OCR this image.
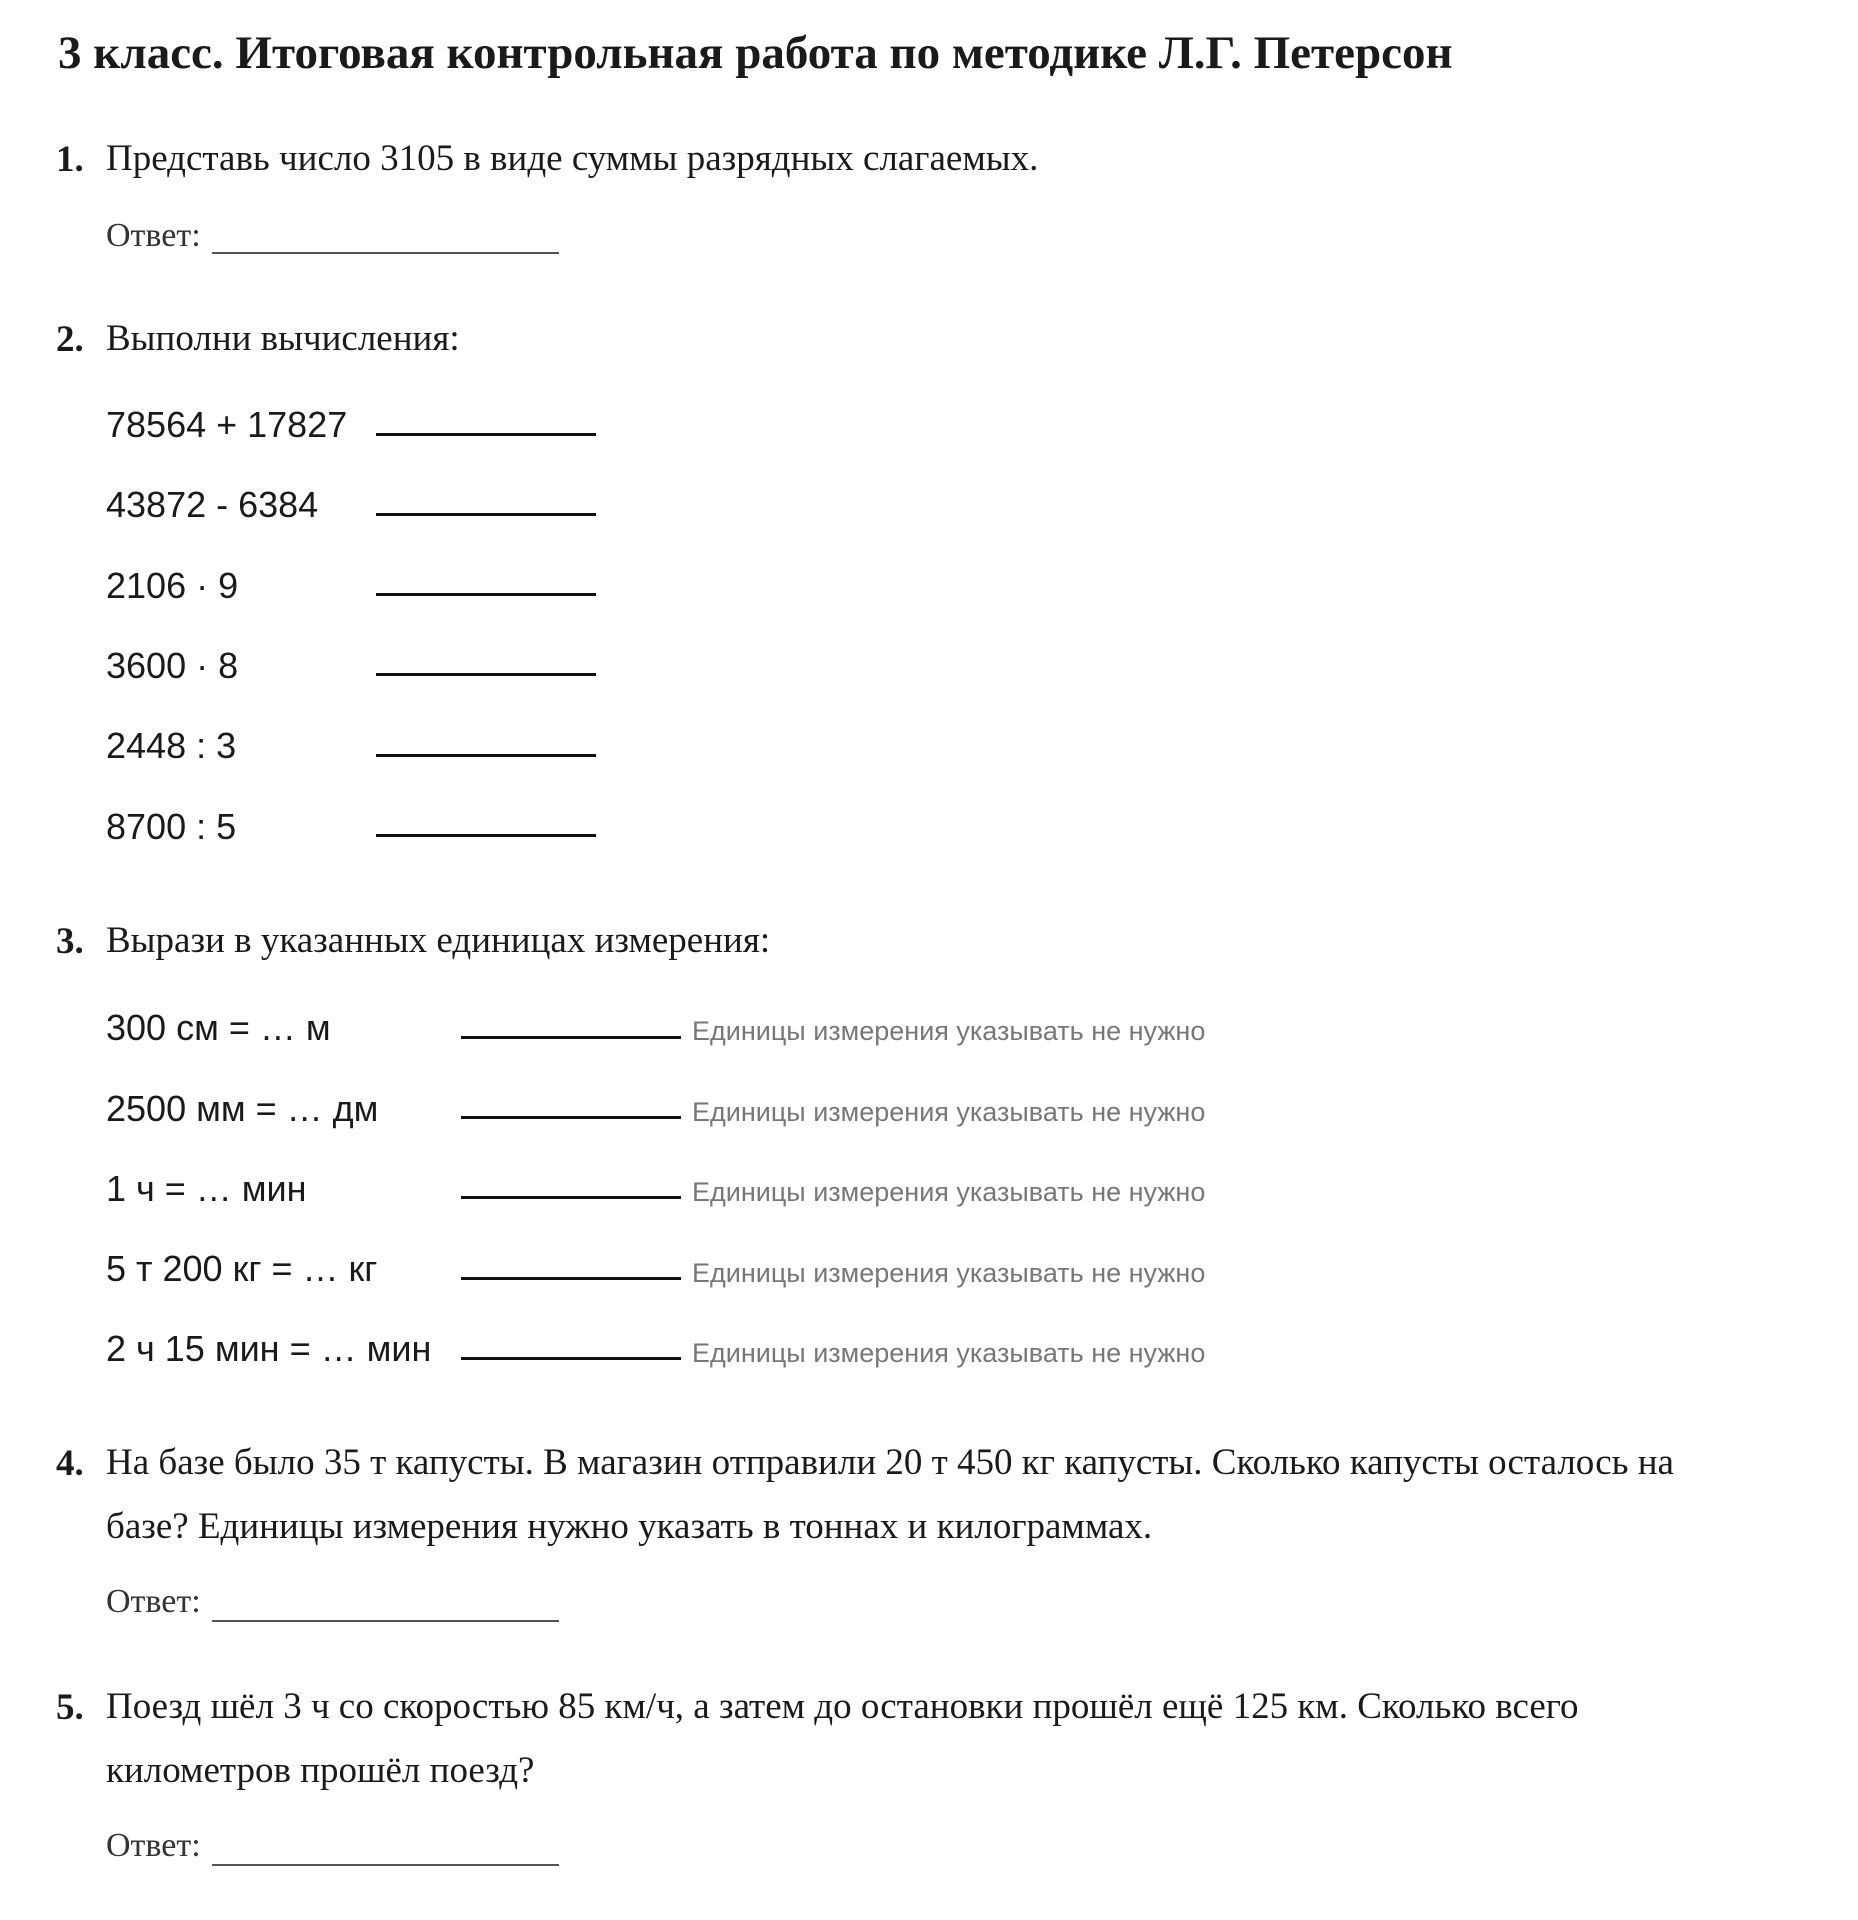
3 класс. Итоговая контрольная работа по методике Л.Г. Петерсон
1. Представь число 3105 в виде суммы разрядных слагаемых.
Ответ:
2. Выполни вычисления:
78564 + 17827
43872 - 6384
2106 · 9
3600 · 8
2448 : 3
8700 : 5
3. Вырази в указанных единицах измерения:
300 см = … м	Единицы измерения указывать не нужно
2500 мм = … дм	Единицы измерения указывать не нужно
1 ч = … мин	Единицы измерения указывать не нужно
5 т 200 кг = … кг	Единицы измерения указывать не нужно
2 ч 15 мин = … мин	Единицы измерения указывать не нужно
4. На базе было 35 т капусты. В магазин отправили 20 т 450 кг капусты. Сколько капусты осталось на
базе? Единицы измерения нужно указать в тоннах и килограммах.
Ответ:
5. Поезд шёл 3 ч со скоростью 85 км/ч, а затем до остановки прошёл ещё 125 км. Сколько всего
километров прошёл поезд?
Ответ:
